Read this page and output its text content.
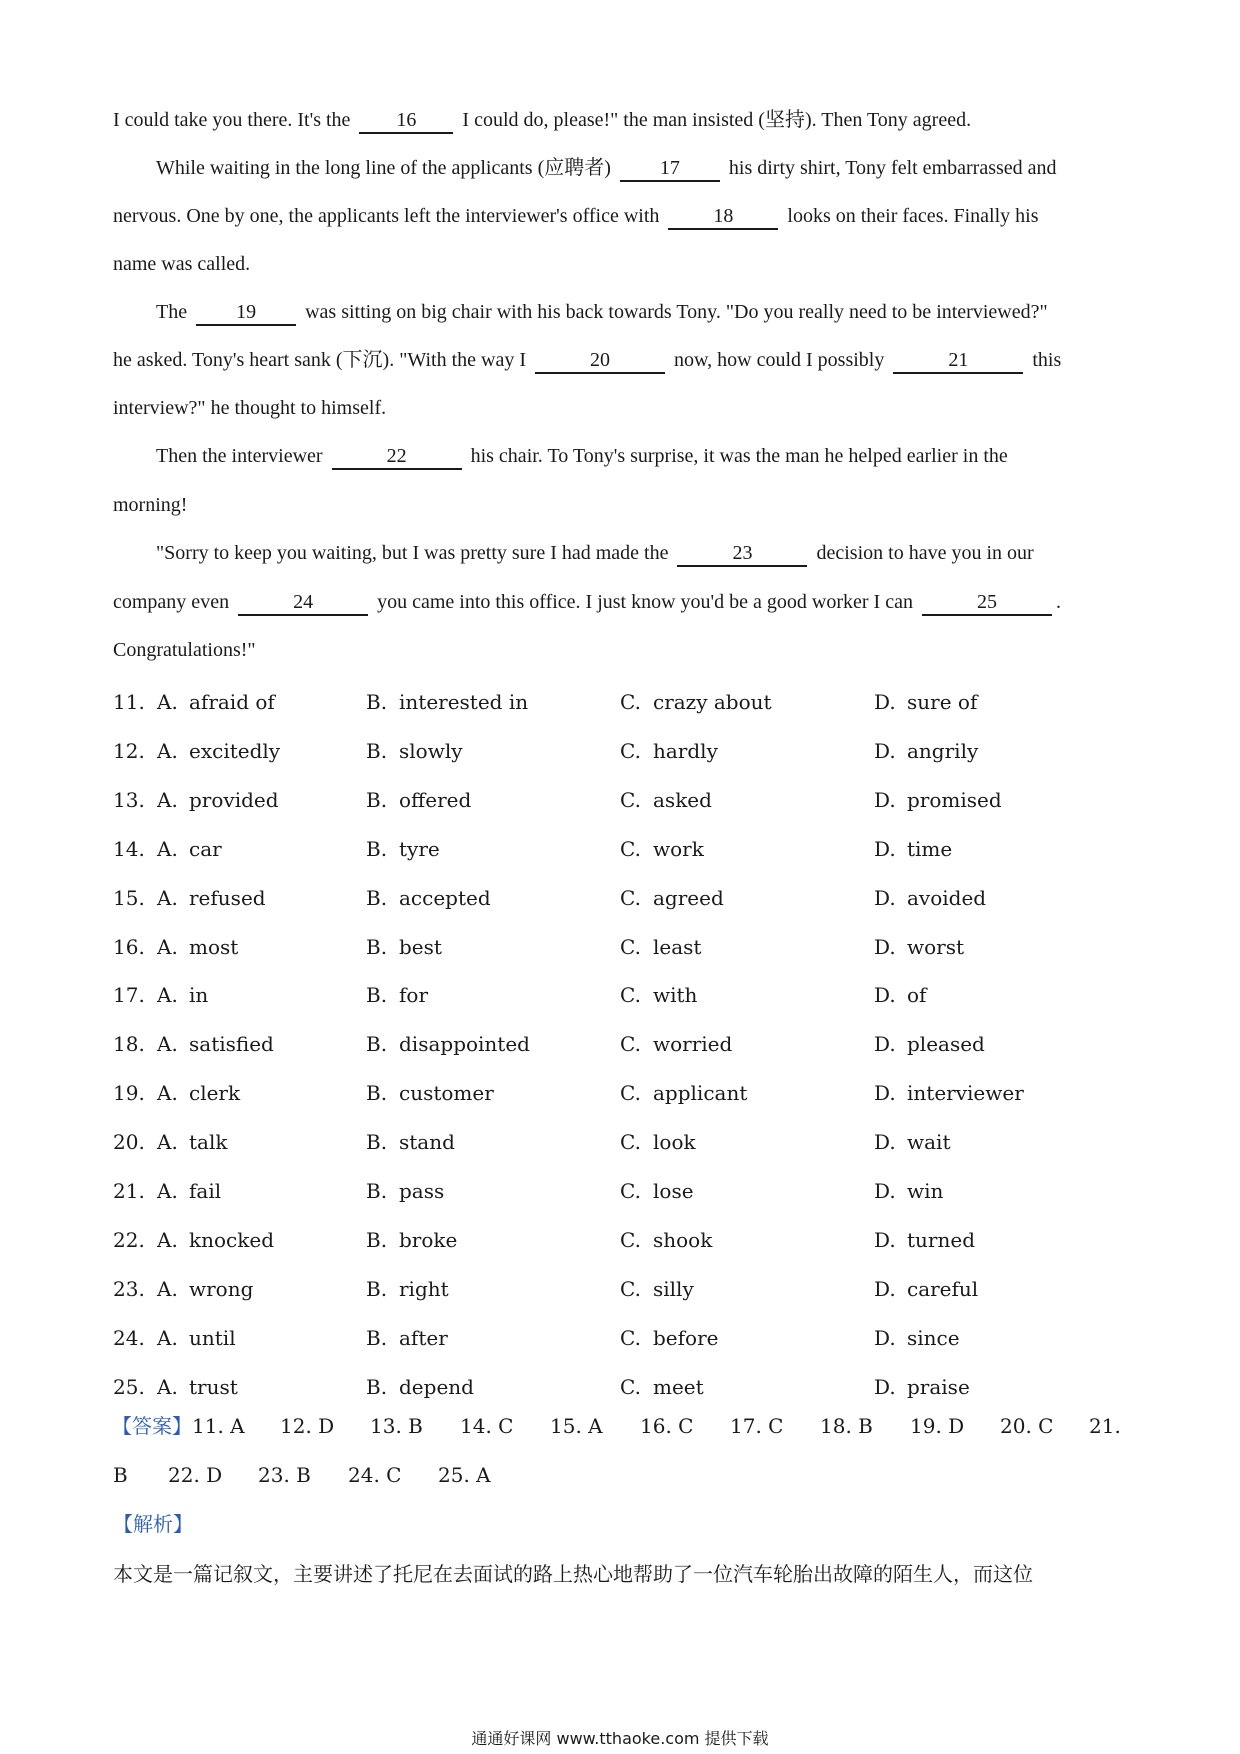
I could take you there. It's the 16 I could do, please!" the man insisted (坚持). Then Tony agreed.
While waiting in the long line of the applicants (应聘者) 17 his dirty shirt, Tony felt embarrassed and
nervous. One by one, the applicants left the interviewer's office with	18	looks on their faces. Finally his
name was called.
The 19 was sitting on big chair with his back towards Tony. "Do you really need to be interviewed?"
he asked. Tony's heart sank (下沉). "With the way I	20	now, how could I possibly	21	this
interview?" he thought to himself.
Then the interviewer	22	his chair. To Tony's surprise, it was the man he helped earlier in the
morning!
"Sorry to keep you waiting, but I was pretty sure I had made the	23	decision to have you in our
company even	24	you came into this office. I just know you'd be a good worker I can	25	.
Congratulations!"
11. A. afraid of	B. interested in	C. crazy about	D. sure of
12. A. excitedly	B. slowly	C. hardly	D. angrily
13. A. provided	B. offered	C. asked	D. promised
14. A. car	B. tyre	C. work	D. time
15. A. refused	B. accepted	C. agreed	D. avoided
16. A. most	B. best	C. least	D. worst
17. A. in	B. for	C. with	D. of
18. A. satisfied	B. disappointed	C. worried	D. pleased
19. A. clerk	B. customer	C. applicant	D. interviewer
20. A. talk	B. stand	C. look	D. wait
21. A. fail	B. pass	C. lose	D. win
22. A. knocked	B. broke	C. shook	D. turned
23. A. wrong	B. right	C. silly	D. careful
24. A. until	B. after	C. before	D. since
25. A. trust	B. depend	C. meet	D. praise
【答案】 11. A 12. D 13. B 14. C 15. A 16. C 17. C 18. B 19. D 20. C 21.
B 22. D 23. B 24. C 25. A
【解析】
本文是一篇记叙文，主要讲述了托尼在去面试的路上热心地帮助了一位汽车轮胎出故障的陌生人，而这位
通通好课网 www.tthaoke.com 提供下载
